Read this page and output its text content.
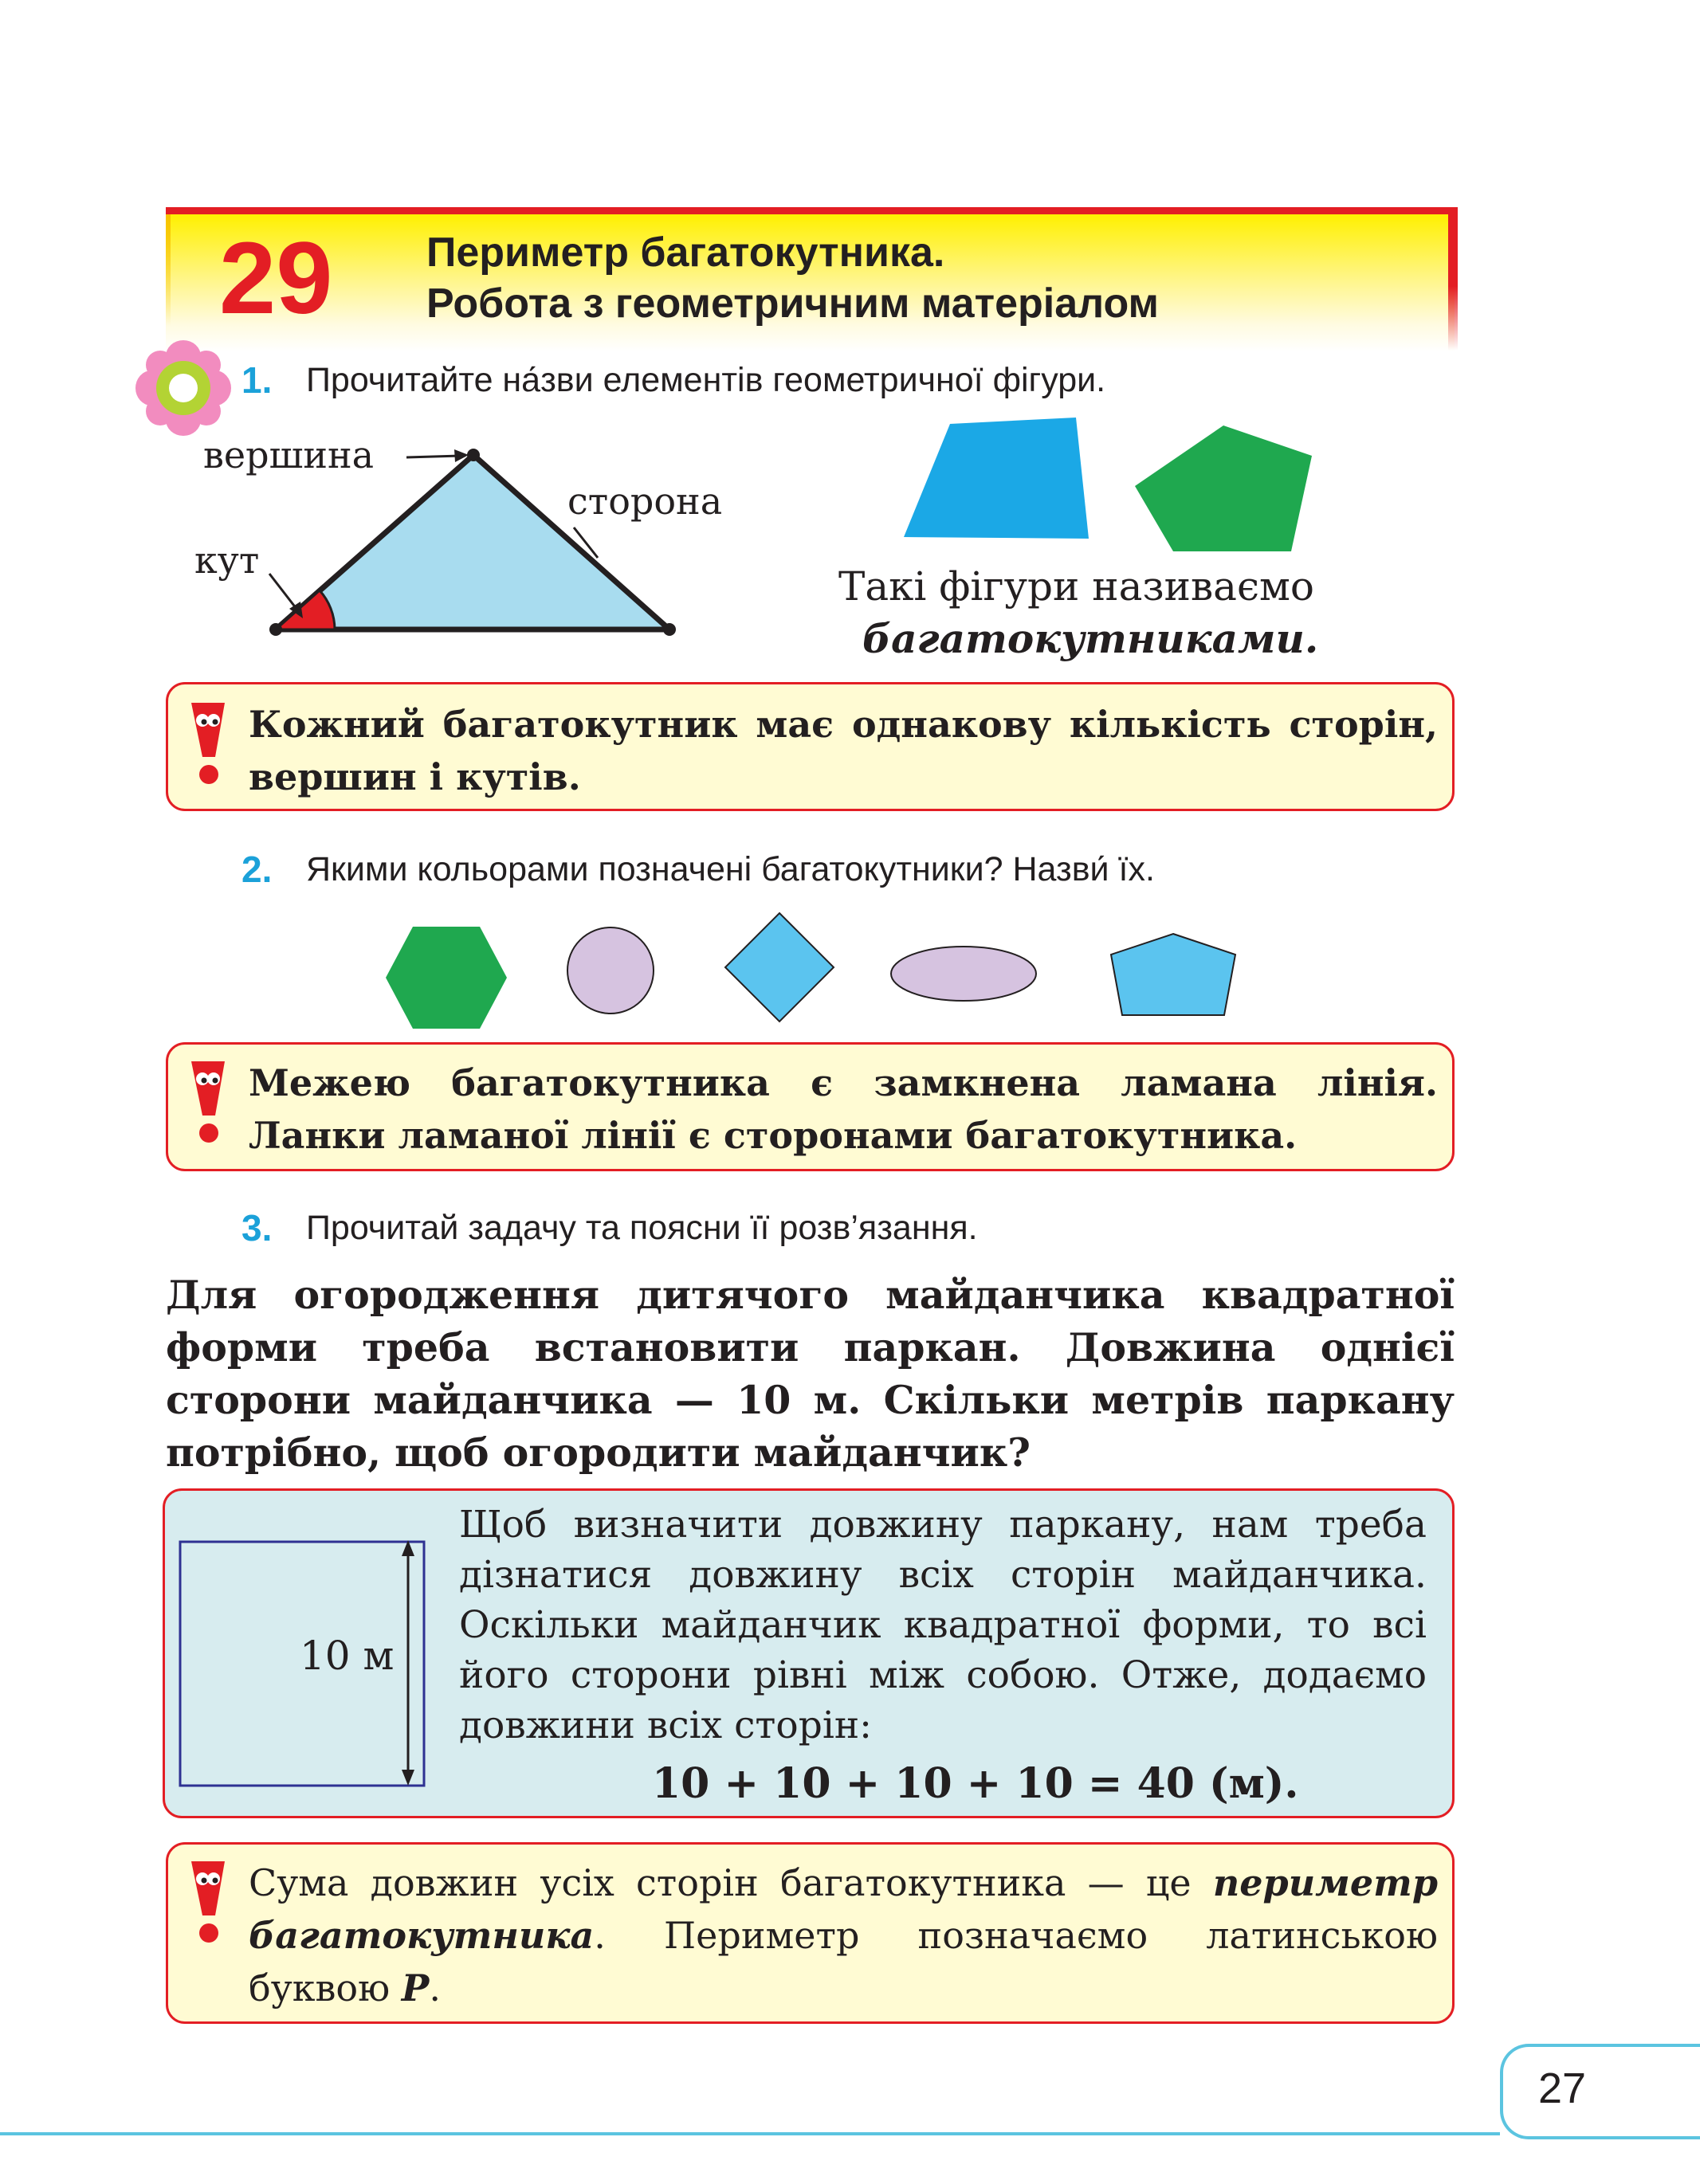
29 Периметр багатокутника.
Робота з геометричним матеріалом
1. Прочитайте на́зви елементів геометричної фігури.
вершина
сторона
кут
Такі фігури називаємо
багатокутниками.
Кожний багатокутник має однакову кількість сторін, вершин і кутів.
2. Якими кольорами позначені багатокутники? Назви́ їх.
Межею багатокутника є замкнена ламана лінія. Ланки ламаної лінії є сторонами багатокутника.
3. Прочитай задачу та поясни її розв’язання.
Для огородження дитячого майданчика квадратної форми треба встановити паркан. Довжина однієї сторони майданчика — 10 м. Скільки метрів паркану потрібно, щоб огородити майданчик?
10 м
Щоб визначити довжину паркану, нам треба дізнатися довжину всіх сторін майданчика. Оскільки майданчик квадратної форми, то всі його сторони рівні між собою. Отже, додаємо довжини всіх сторін:
10 + 10 + 10 + 10 = 40 (м).
Сума довжин усіх сторін багатокутника — це периметр багатокутника. Периметр позначаємо латинською буквою P.
27
